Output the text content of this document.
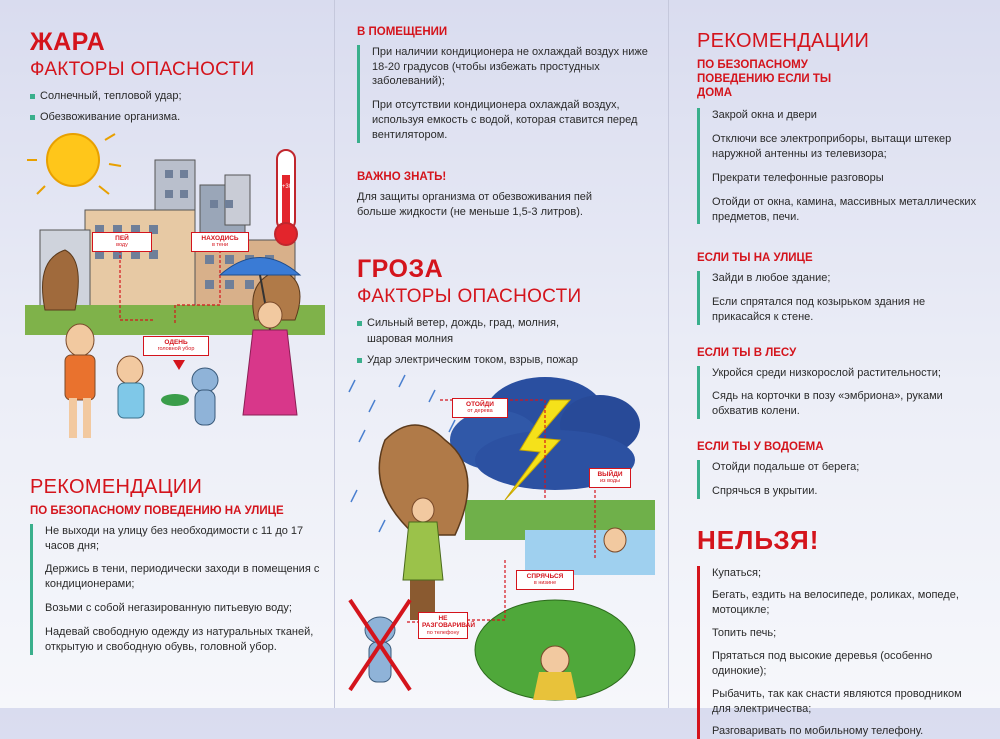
ЖАРА
ФАКТОРЫ ОПАСНОСТИ
Солнечный, тепловой удар;
Обезвоживание организма.
+30
ПЕЙ
воду
НАХОДИСЬ
в тени
ОДЕНЬ
головной убор
РЕКОМЕНДАЦИИ
ПО БЕЗОПАСНОМУ ПОВЕДЕНИЮ НА УЛИЦЕ
Не выходи на улицу без необходимости с 11 до 17 часов дня;
Держись в тени, периодически заходи в помещения с кондиционерами;
Возьми с собой негазированную питьевую воду;
Надевай свободную одежду из натуральных тканей, открытую и свободную обувь, головной убор.
В ПОМЕЩЕНИИ
При наличии кондиционера не охлаждай воздух ниже 18-20 градусов (чтобы избежать простудных заболеваний);
При отсутствии кондиционера охлаждай воздух, используя емкость с водой, которая ставится перед вентилятором.
ВАЖНО ЗНАТЬ!

Для защиты организма от обезвоживания пей больше жидкости (не меньше 1,5-3 литров).

ГРОЗА
ФАКТОРЫ ОПАСНОСТИ
Сильный ветер, дождь, град, молния, шаровая молния
Удар электрическим током, взрыв, пожар
ОТОЙДИ
от дерева
ВЫЙДИ
из воды
СПРЯЧЬСЯ
в низине
НЕ РАЗГОВАРИВАЙ
по телефону
РЕКОМЕНДАЦИИ
ПО БЕЗОПАСНОМУ ПОВЕДЕНИЮ ЕСЛИ ТЫ ДОМА
Закрой окна и двери
Отключи все электроприборы, вытащи штекер наружной антенны из телевизора;
Прекрати телефонные разговоры
Отойди от окна, камина, массивных металлических предметов, печи.
ЕСЛИ ТЫ НА УЛИЦЕ
Зайди в любое здание;
Если спрятался под козырьком здания не прикасайся к стене.
ЕСЛИ ТЫ В ЛЕСУ
Укройся среди низкорослой растительности;
Сядь на корточки в позу «эмбриона», руками обхватив колени.
ЕСЛИ ТЫ У ВОДОЕМА
Отойди подальше от берега;
Спрячься в укрытии.
НЕЛЬЗЯ!
Купаться;
Бегать, ездить на велосипеде, роликах, мопеде, мотоцикле;
Топить печь;
Прятаться под высокие деревья (особенно одинокие);
Рыбачить, так как снасти являются проводником для электричества;
Разговаривать по мобильному телефону.
